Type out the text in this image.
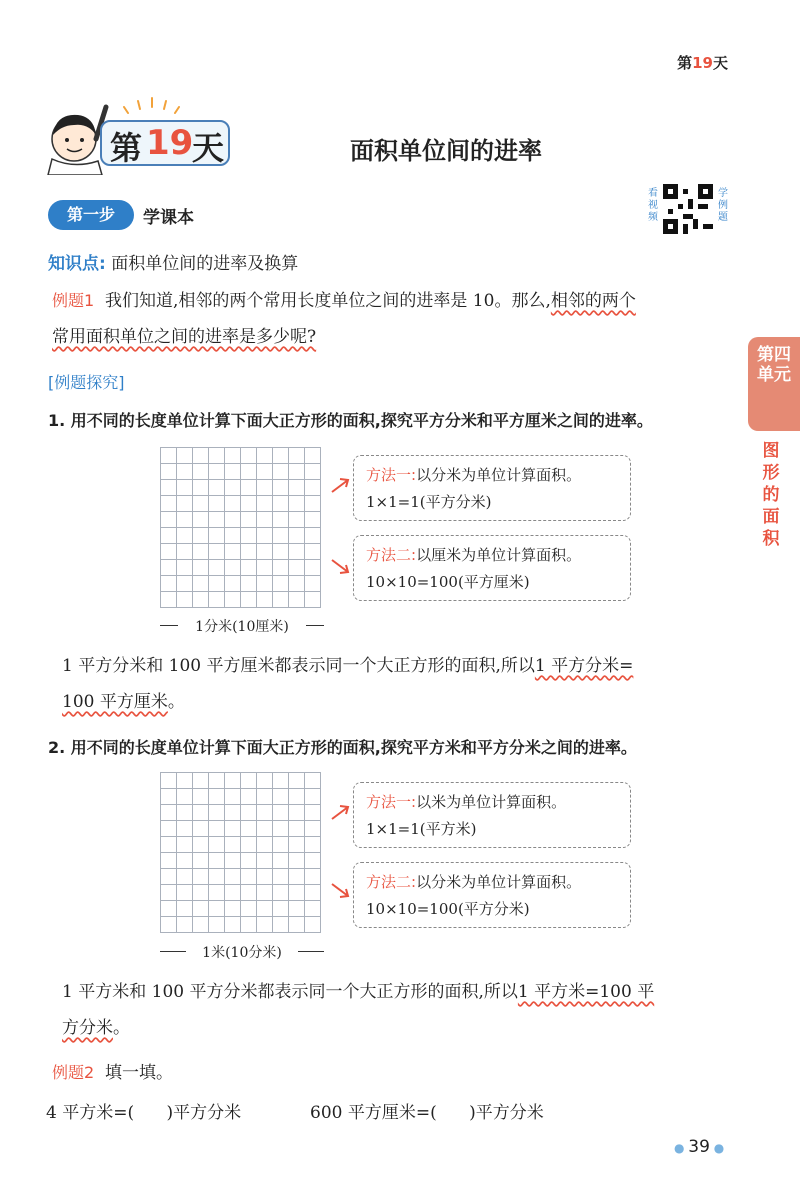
第19天
第 19
天	面积单位间的进率
第一步	学课本
看视频
学例题
知识点: 面积单位间的进率及换算
例题1 我们知道,相邻的两个常用长度单位之间的进率是 10。那么,相邻的两个
常用面积单位之间的进率是多少呢?
[例题探究]
1. 用不同的长度单位计算下面大正方形的面积,探究平方分米和平方厘米之间的进率。
1分米(10厘米)
方法一:以分米为单位计算面积。
1×1=1(平方分米)
方法二:以厘米为单位计算面积。
10×10=100(平方厘米)
1 平方分米和 100 平方厘米都表示同一个大正方形的面积,所以1 平方分米=
100 平方厘米。
2. 用不同的长度单位计算下面大正方形的面积,探究平方米和平方分米之间的进率。
1米(10分米)
方法一:以米为单位计算面积。
1×1=1(平方米)
方法二:以分米为单位计算面积。
10×10=100(平方分米)
1 平方米和 100 平方分米都表示同一个大正方形的面积,所以1 平方米=100 平
方分米。
例题2 填一填。
4 平方米=(      )平方分米	600 平方厘米=(      )平方分米
第四单元
图形的面积
● 39 ●
